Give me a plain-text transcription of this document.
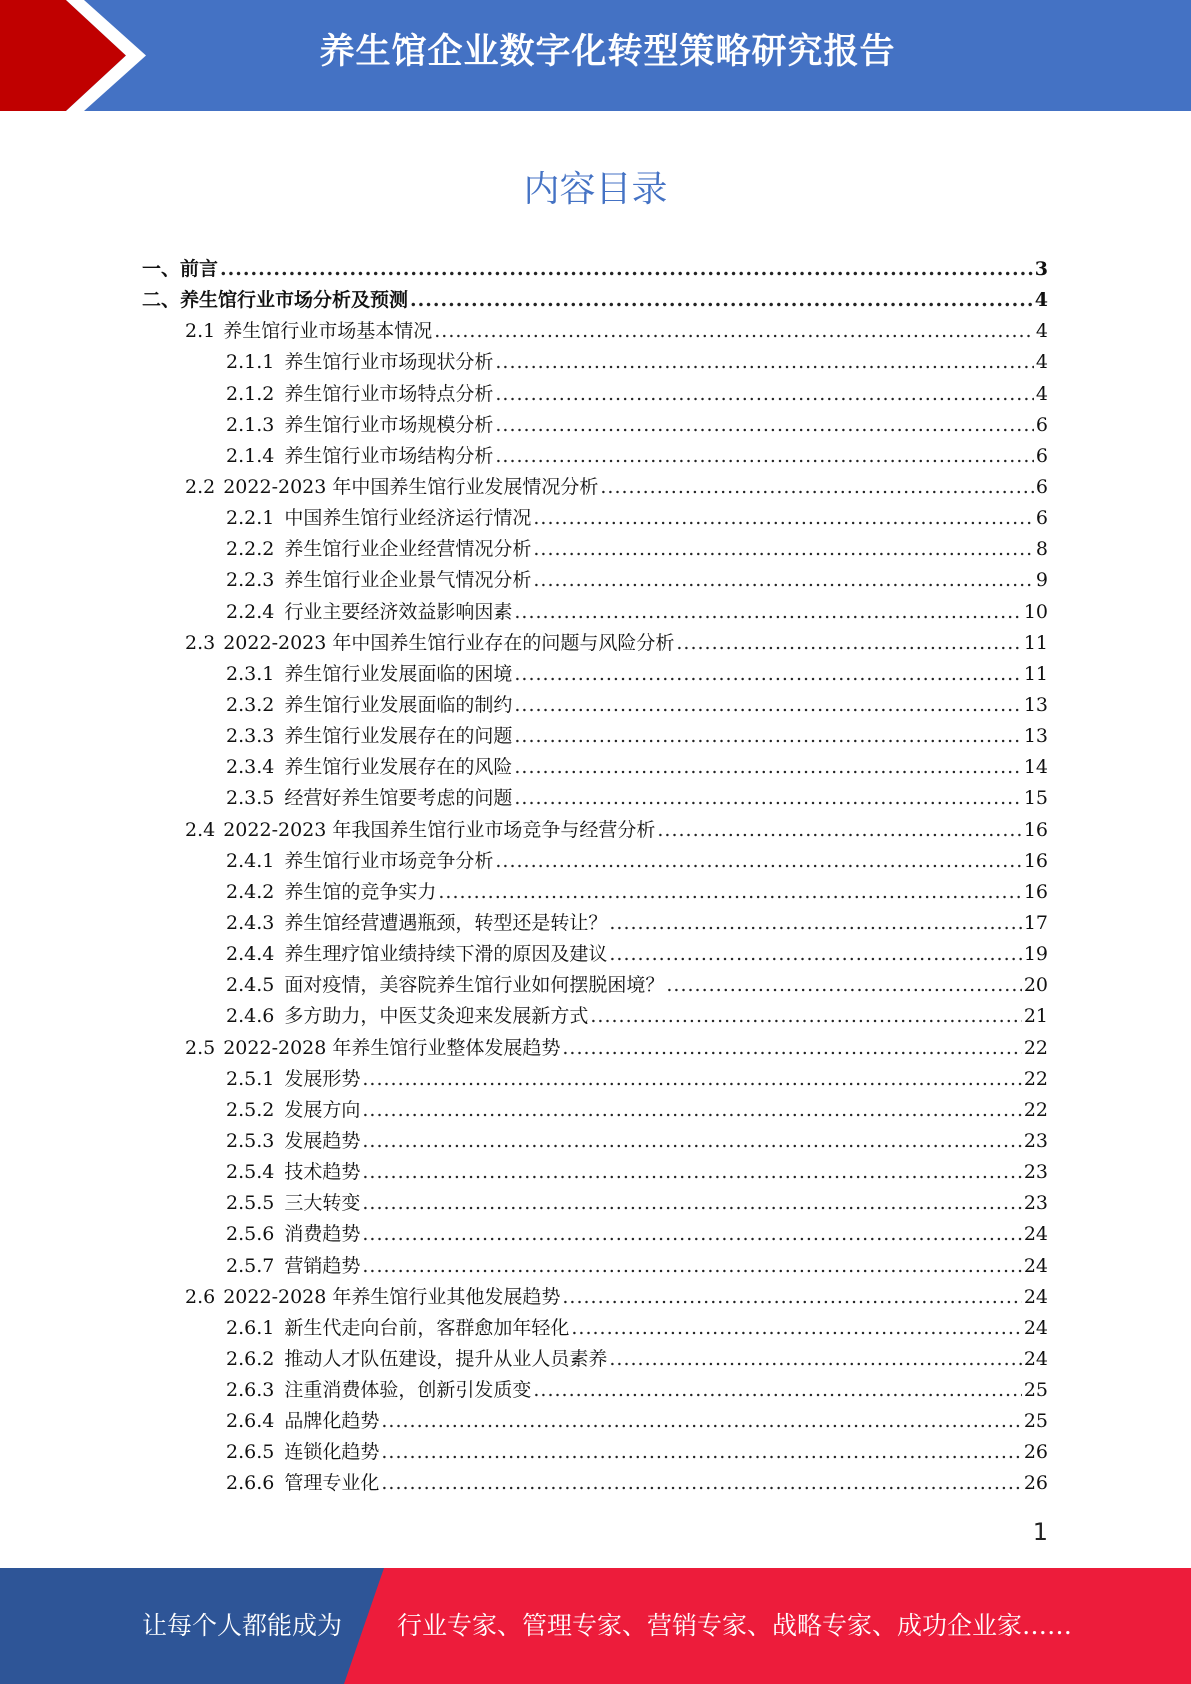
养生馆企业数字化转型策略研究报告
内容目录
一、 前言 .....	3
二、 养生馆行业市场分析及预测 .....	4
2.1 养生馆行业市场基本情况 .....	4
2.1.1 养生馆行业市场现状分析 .....	4
2.1.2 养生馆行业市场特点分析 .....	4
2.1.3 养生馆行业市场规模分析 .....	6
2.1.4 养生馆行业市场结构分析 .....	6
2.2 2022-2023 年中国养生馆行业发展情况分析 .....	6
2.2.1 中国养生馆行业经济运行情况 .....	6
2.2.2 养生馆行业企业经营情况分析 .....	8
2.2.3 养生馆行业企业景气情况分析 .....	9
2.2.4 行业主要经济效益影响因素 .....	10
2.3 2022-2023 年中国养生馆行业存在的问题与风险分析 .....	11
2.3.1 养生馆行业发展面临的困境 .....	11
2.3.2 养生馆行业发展面临的制约 .....	13
2.3.3 养生馆行业发展存在的问题 .....	13
2.3.4 养生馆行业发展存在的风险 .....	14
2.3.5 经营好养生馆要考虑的问题 .....	15
2.4 2022-2023 年我国养生馆行业市场竞争与经营分析 .....	16
2.4.1 养生馆行业市场竞争分析 .....	16
2.4.2 养生馆的竞争实力 .....	16
2.4.3 养生馆经营遭遇瓶颈，转型还是转让？ .....	17
2.4.4 养生理疗馆业绩持续下滑的原因及建议 .....	19
2.4.5 面对疫情，美容院养生馆行业如何摆脱困境？ .....	20
2.4.6 多方助力，中医艾灸迎来发展新方式 .....	21
2.5 2022-2028 年养生馆行业整体发展趋势 .....	22
2.5.1 发展形势 .....	22
2.5.2 发展方向 .....	22
2.5.3 发展趋势 .....	23
2.5.4 技术趋势 .....	23
2.5.5 三大转变 .....	23
2.5.6 消费趋势 .....	24
2.5.7 营销趋势 .....	24
2.6 2022-2028 年养生馆行业其他发展趋势 .....	24
2.6.1 新生代走向台前，客群愈加年轻化 .....	24
2.6.2 推动人才队伍建设，提升从业人员素养 .....	24
2.6.3 注重消费体验，创新引发质变 .....	25
2.6.4 品牌化趋势 .....	25
2.6.5 连锁化趋势 .....	26
2.6.6 管理专业化 .....	26
1
让每个人都能成为 行业专家、管理专家、营销专家、战略专家、成功企业家……
